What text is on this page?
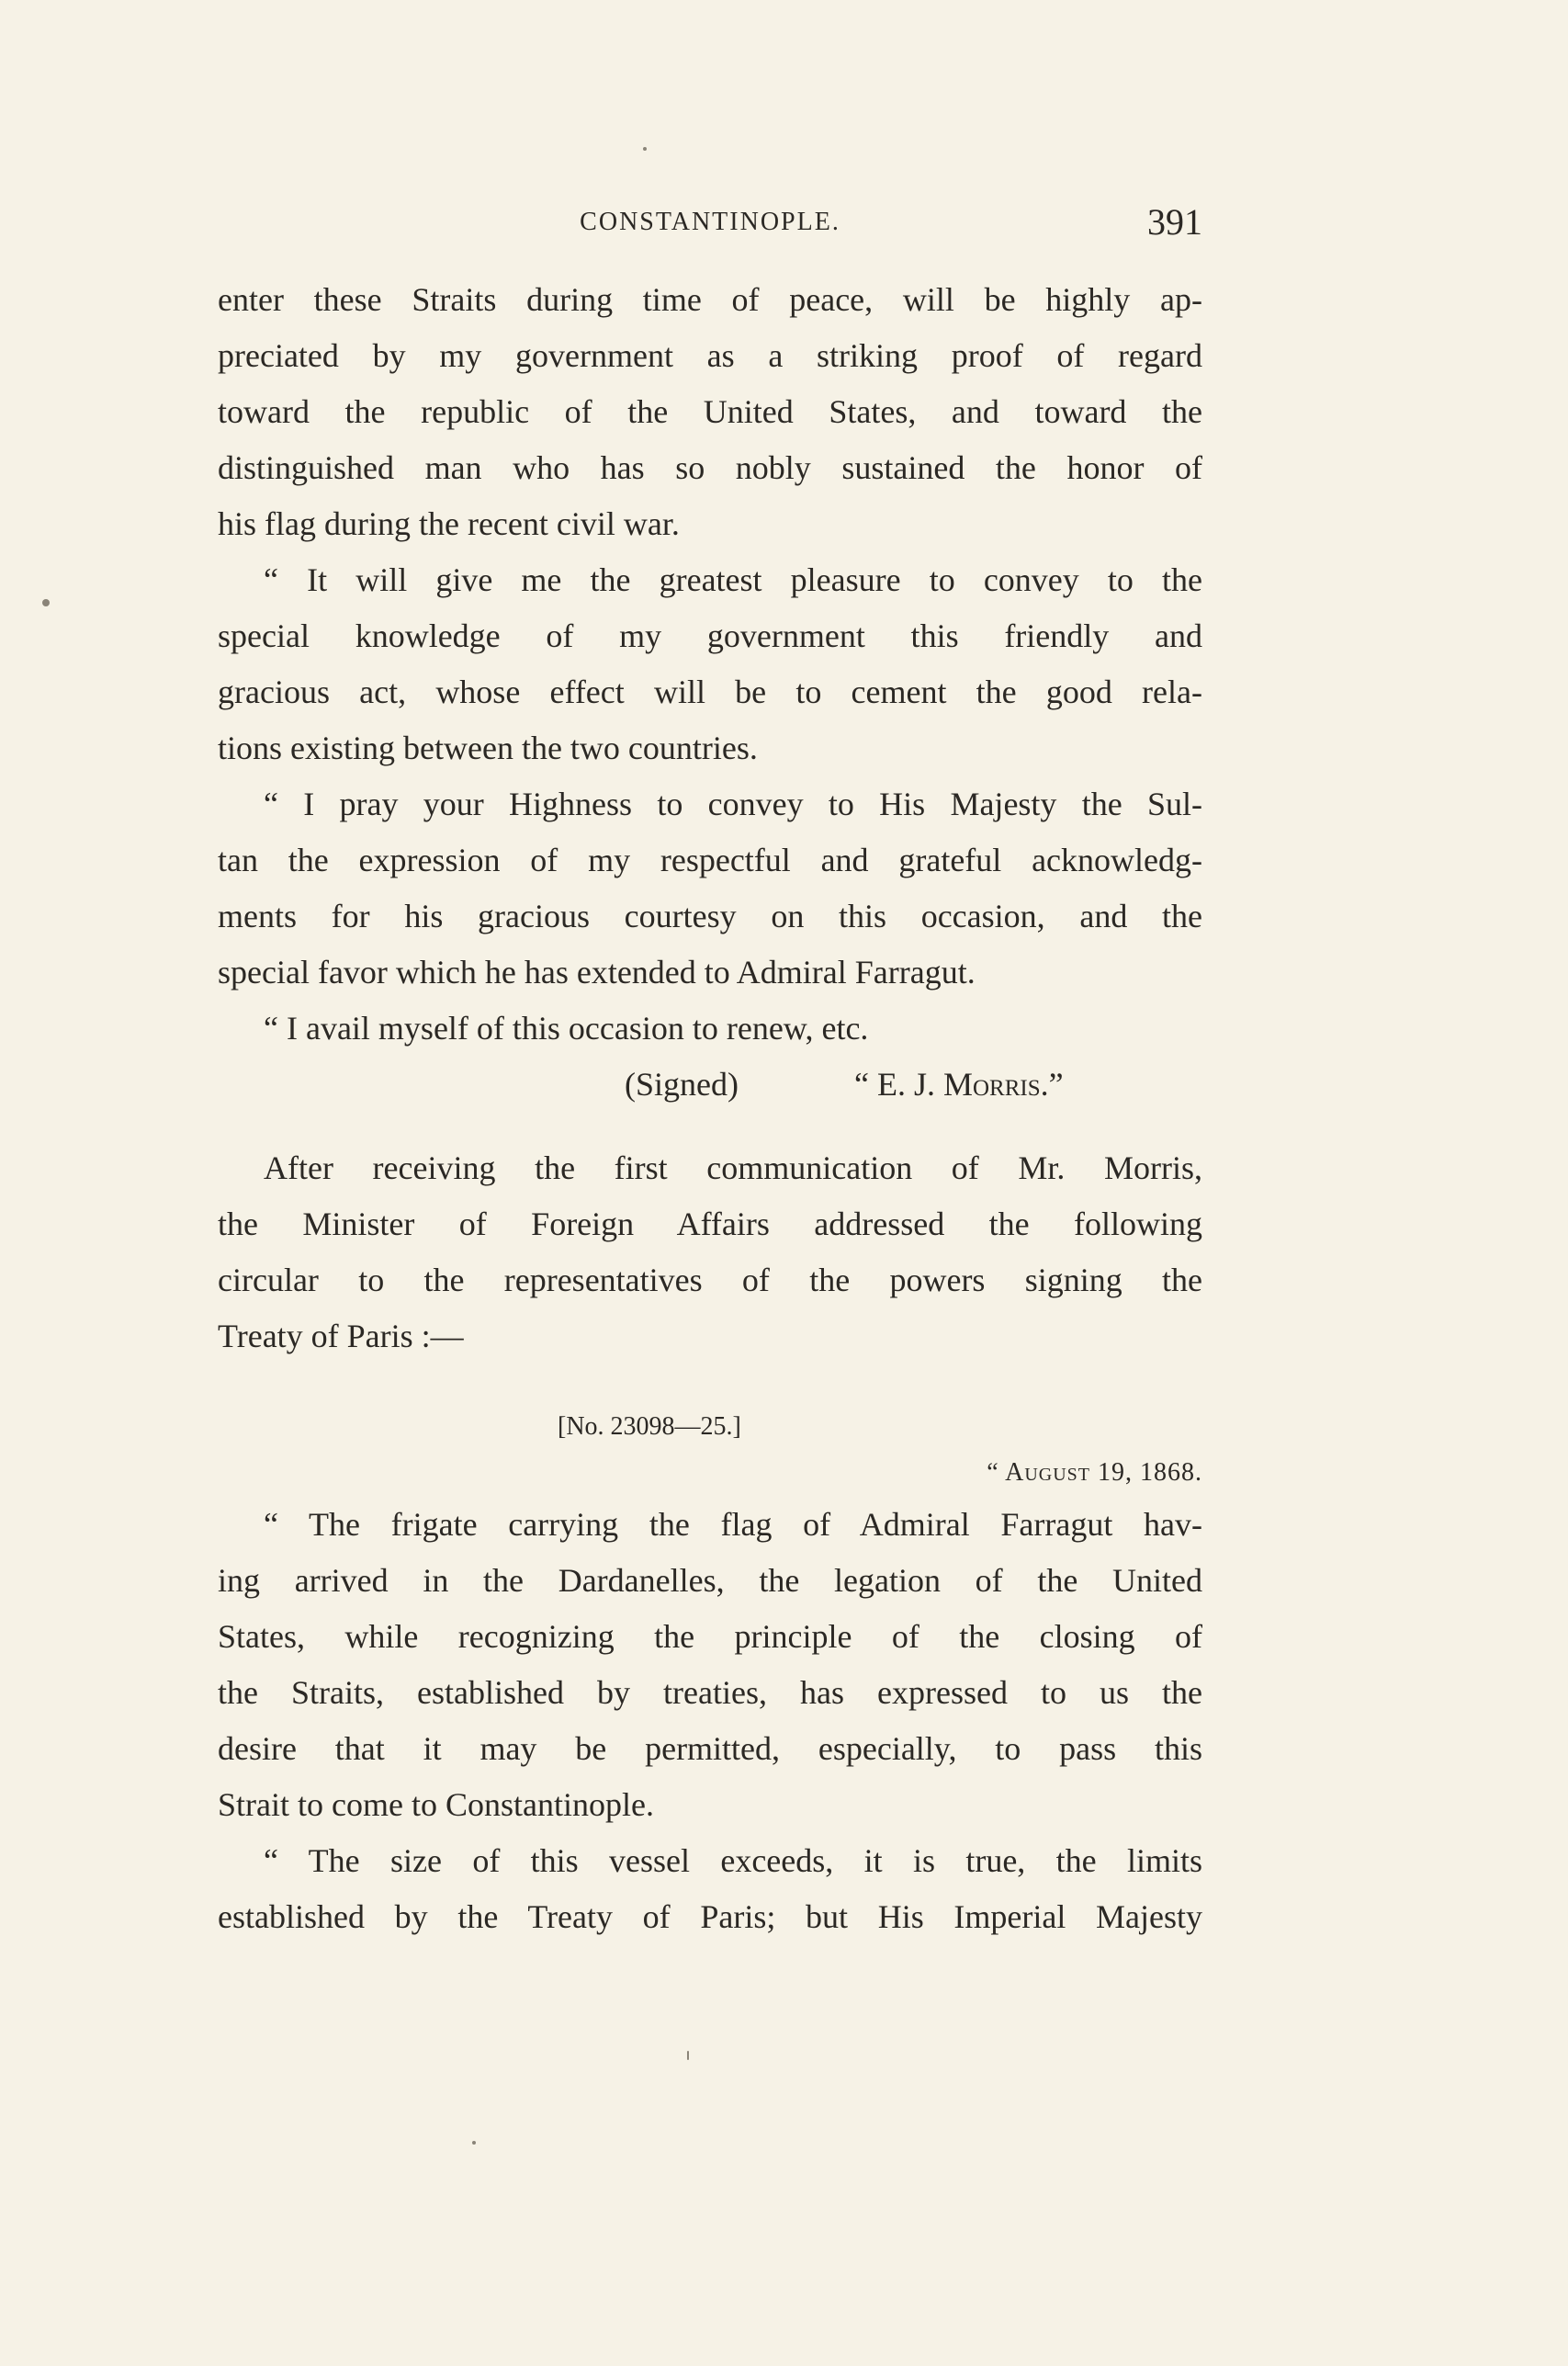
CONSTANTINOPLE.	391
enter these Straits during time of peace, will be highly ap-
preciated by my government as a striking proof of regard
toward the republic of the United States, and toward the
distinguished man who has so nobly sustained the honor of
his flag during the recent civil war.
“ It will give me the greatest pleasure to convey to the
special knowledge of my government this friendly and
gracious act, whose effect will be to cement the good rela-
tions existing between the two countries.
“ I pray your Highness to convey to His Majesty the Sul-
tan the expression of my respectful and grateful acknowledg-
ments for his gracious courtesy on this occasion, and the
special favor which he has extended to Admiral Farragut.
“ I avail myself of this occasion to renew, etc.
(Signed)	“ E. J. Morris.”
After receiving the first communication of Mr. Morris,
the Minister of Foreign Affairs addressed the following
circular to the representatives of the powers signing the
Treaty of Paris :—
[No. 23098—25.]
“ August 19, 1868.
“ The frigate carrying the flag of Admiral Farragut hav-
ing arrived in the Dardanelles, the legation of the United
States, while recognizing the principle of the closing of
the Straits, established by treaties, has expressed to us the
desire that it may be permitted, especially, to pass this
Strait to come to Constantinople.
“ The size of this vessel exceeds, it is true, the limits
established by the Treaty of Paris; but His Imperial Majesty
